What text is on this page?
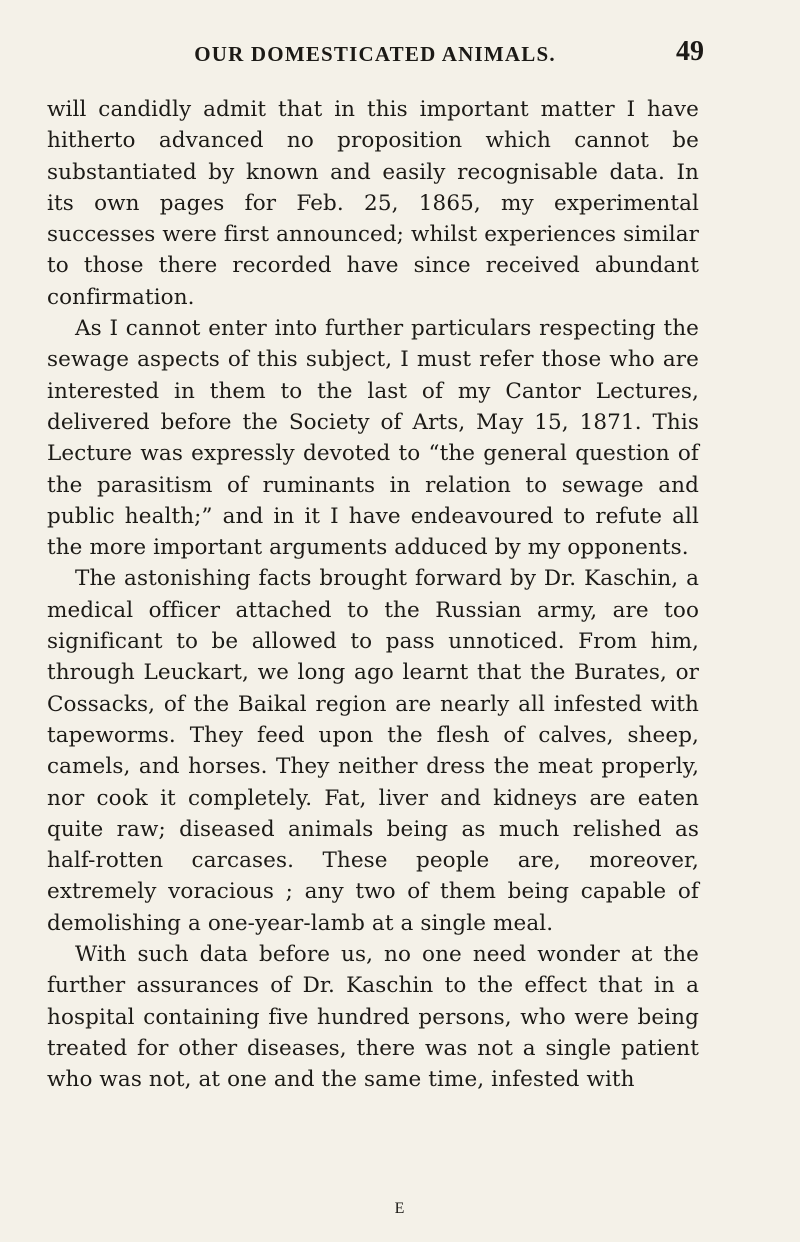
OUR DOMESTICATED ANIMALS.	49

will candidly admit that in this important matter I have hitherto advanced no proposition which cannot be substantiated by known and easily recognisable data. In its own pages for Feb. 25, 1865, my experimental successes were first announced; whilst experiences similar to those there recorded have since received abundant confirmation.

As I cannot enter into further particulars respecting the sewage aspects of this subject, I must refer those who are interested in them to the last of my Cantor Lectures, delivered before the Society of Arts, May 15, 1871. This Lecture was expressly devoted to “the general question of the parasitism of ruminants in relation to sewage and public health;” and in it I have endeavoured to refute all the more important arguments adduced by my opponents.

The astonishing facts brought forward by Dr. Kaschin, a medical officer attached to the Russian army, are too significant to be allowed to pass unnoticed. From him, through Leuckart, we long ago learnt that the Burates, or Cossacks, of the Baikal region are nearly all infested with tapeworms. They feed upon the flesh of calves, sheep, camels, and horses. They neither dress the meat properly, nor cook it completely. Fat, liver and kidneys are eaten quite raw; diseased animals being as much relished as half-rotten carcases. These people are, moreover, extremely voracious ; any two of them being capable of demolishing a one-year-lamb at a single meal.

With such data before us, no one need wonder at the further assurances of Dr. Kaschin to the effect that in a hospital containing five hundred persons, who were being treated for other diseases, there was not a single patient who was not, at one and the same time, infested with

E
